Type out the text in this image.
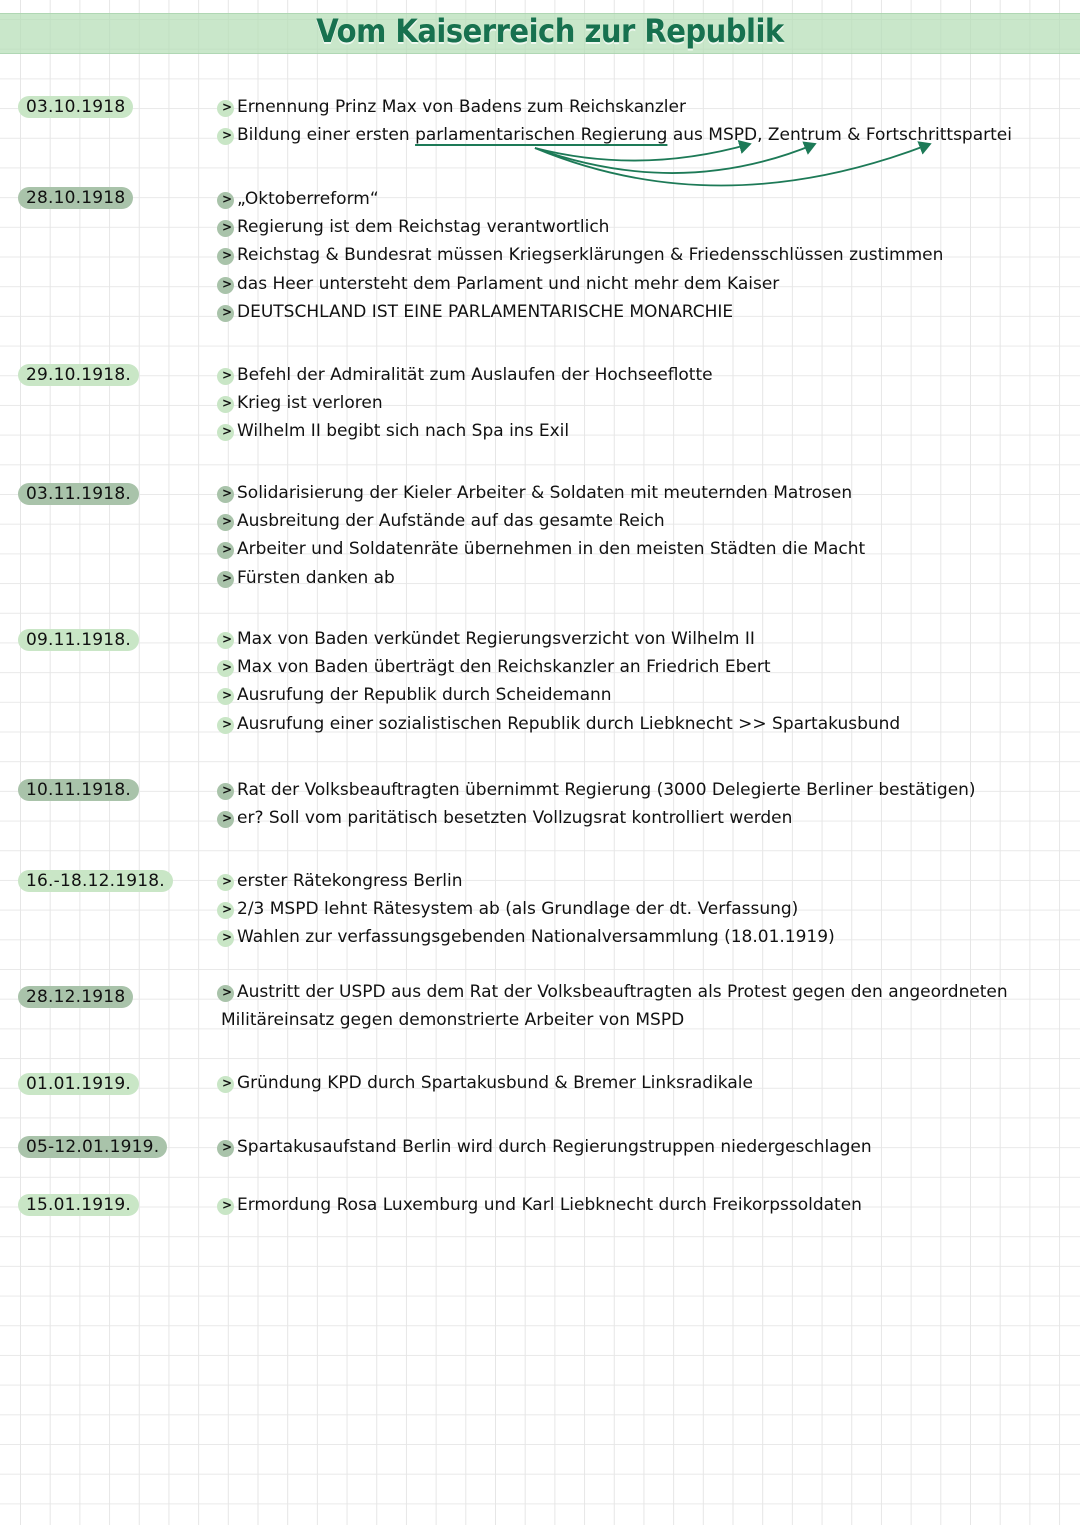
Vom Kaiserreich zur Republik
03.10.1918 >	Ernennung Prinz Max von Badens zum Reichskanzler
>
Bildung einer ersten parlamentarischen Regierung aus MSPD, Zentrum & Fortschrittspartei
28.10.1918 >	„Oktoberreform“
>
Regierung ist dem Reichstag verantwortlich
>
Reichstag & Bundesrat müssen Kriegserklärungen & Friedensschlüssen zustimmen
>
das Heer untersteht dem Parlament und nicht mehr dem Kaiser
>
DEUTSCHLAND IST EINE PARLAMENTARISCHE MONARCHIE
29.10.1918. >	Befehl der Admiralität zum Auslaufen der Hochseeflotte
>
Krieg ist verloren
>
Wilhelm II begibt sich nach Spa ins Exil
03.11.1918. >	Solidarisierung der Kieler Arbeiter & Soldaten mit meuternden Matrosen
>
Ausbreitung der Aufstände auf das gesamte Reich
>
Arbeiter und Soldatenräte übernehmen in den meisten Städten die Macht
>
Fürsten danken ab
09.11.1918. >	Max von Baden verkündet Regierungsverzicht von Wilhelm II
>
Max von Baden überträgt den Reichskanzler an Friedrich Ebert
>
Ausrufung der Republik durch Scheidemann
>
Ausrufung einer sozialistischen Republik durch Liebknecht >> Spartakusbund
10.11.1918. >	Rat der Volksbeauftragten übernimmt Regierung (3000 Delegierte Berliner bestätigen)
>
er? Soll vom paritätisch besetzten Vollzugsrat kontrolliert werden
16.-18.12.1918. >	erster Rätekongress Berlin
>
2/3 MSPD lehnt Rätesystem ab (als Grundlage der dt. Verfassung)
>
Wahlen zur verfassungsgebenden Nationalversammlung (18.01.1919)
28.12.1918 >	Austritt der USPD aus dem Rat der Volksbeauftragten als Protest gegen den angeordneten
Militäreinsatz gegen demonstrierte Arbeiter von MSPD
01.01.1919. >	Gründung KPD durch Spartakusbund & Bremer Linksradikale
05-12.01.1919. >	Spartakusaufstand Berlin wird durch Regierungstruppen niedergeschlagen
15.01.1919. >	Ermordung Rosa Luxemburg und Karl Liebknecht durch Freikorpssoldaten
